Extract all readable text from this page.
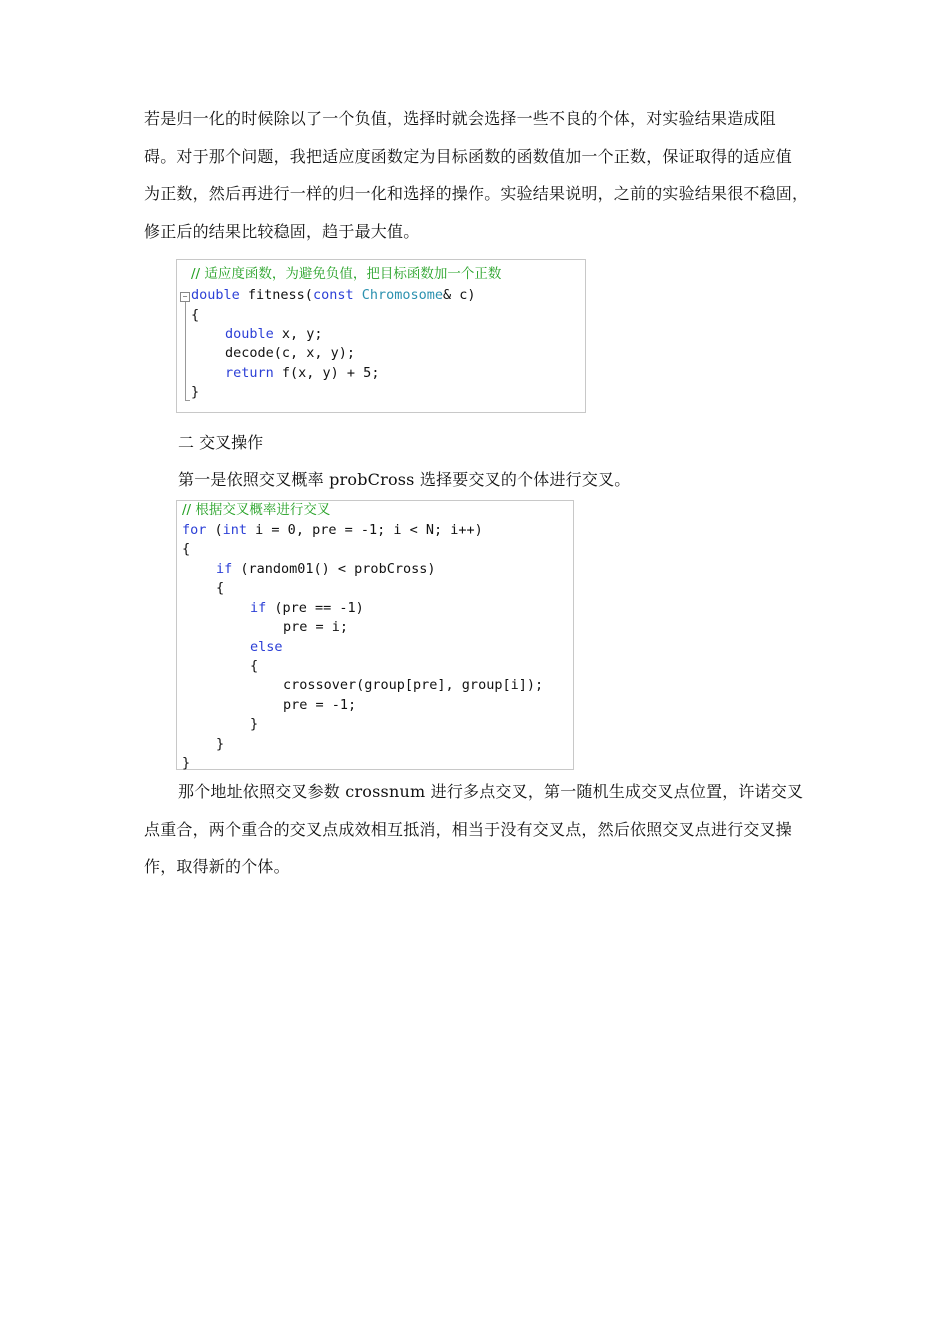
若是归一化的时候除以了一个负值，选择时就会选择一些不良的个体，对实验结果造成阻
碍。对于那个问题，我把适应度函数定为目标函数的函数值加一个正数，保证取得的适应值
为正数，然后再进行一样的归一化和选择的操作。实验结果说明，之前的实验结果很不稳固，
修正后的结果比较稳固，趋于最大值。
// 适应度函数，为避免负值，把目标函数加一个正数
− double fitness(const Chromosome& c)
{
double x, y;
decode(c, x, y);
return f(x, y) + 5;
}
二 交叉操作
第一是依照交叉概率 probCross 选择要交叉的个体进行交叉。
// 根据交叉概率进行交叉
for (int i = 0, pre = -1; i < N; i++)
{
if (random01() < probCross)
{
if (pre == -1)
pre = i;
else
{
crossover(group[pre], group[i]);
pre = -1;
}
}
}
那个地址依照交叉参数 crossnum 进行多点交叉，第一随机生成交叉点位置，许诺交叉
点重合，两个重合的交叉点成效相互抵消，相当于没有交叉点，然后依照交叉点进行交叉操
作，取得新的个体。
